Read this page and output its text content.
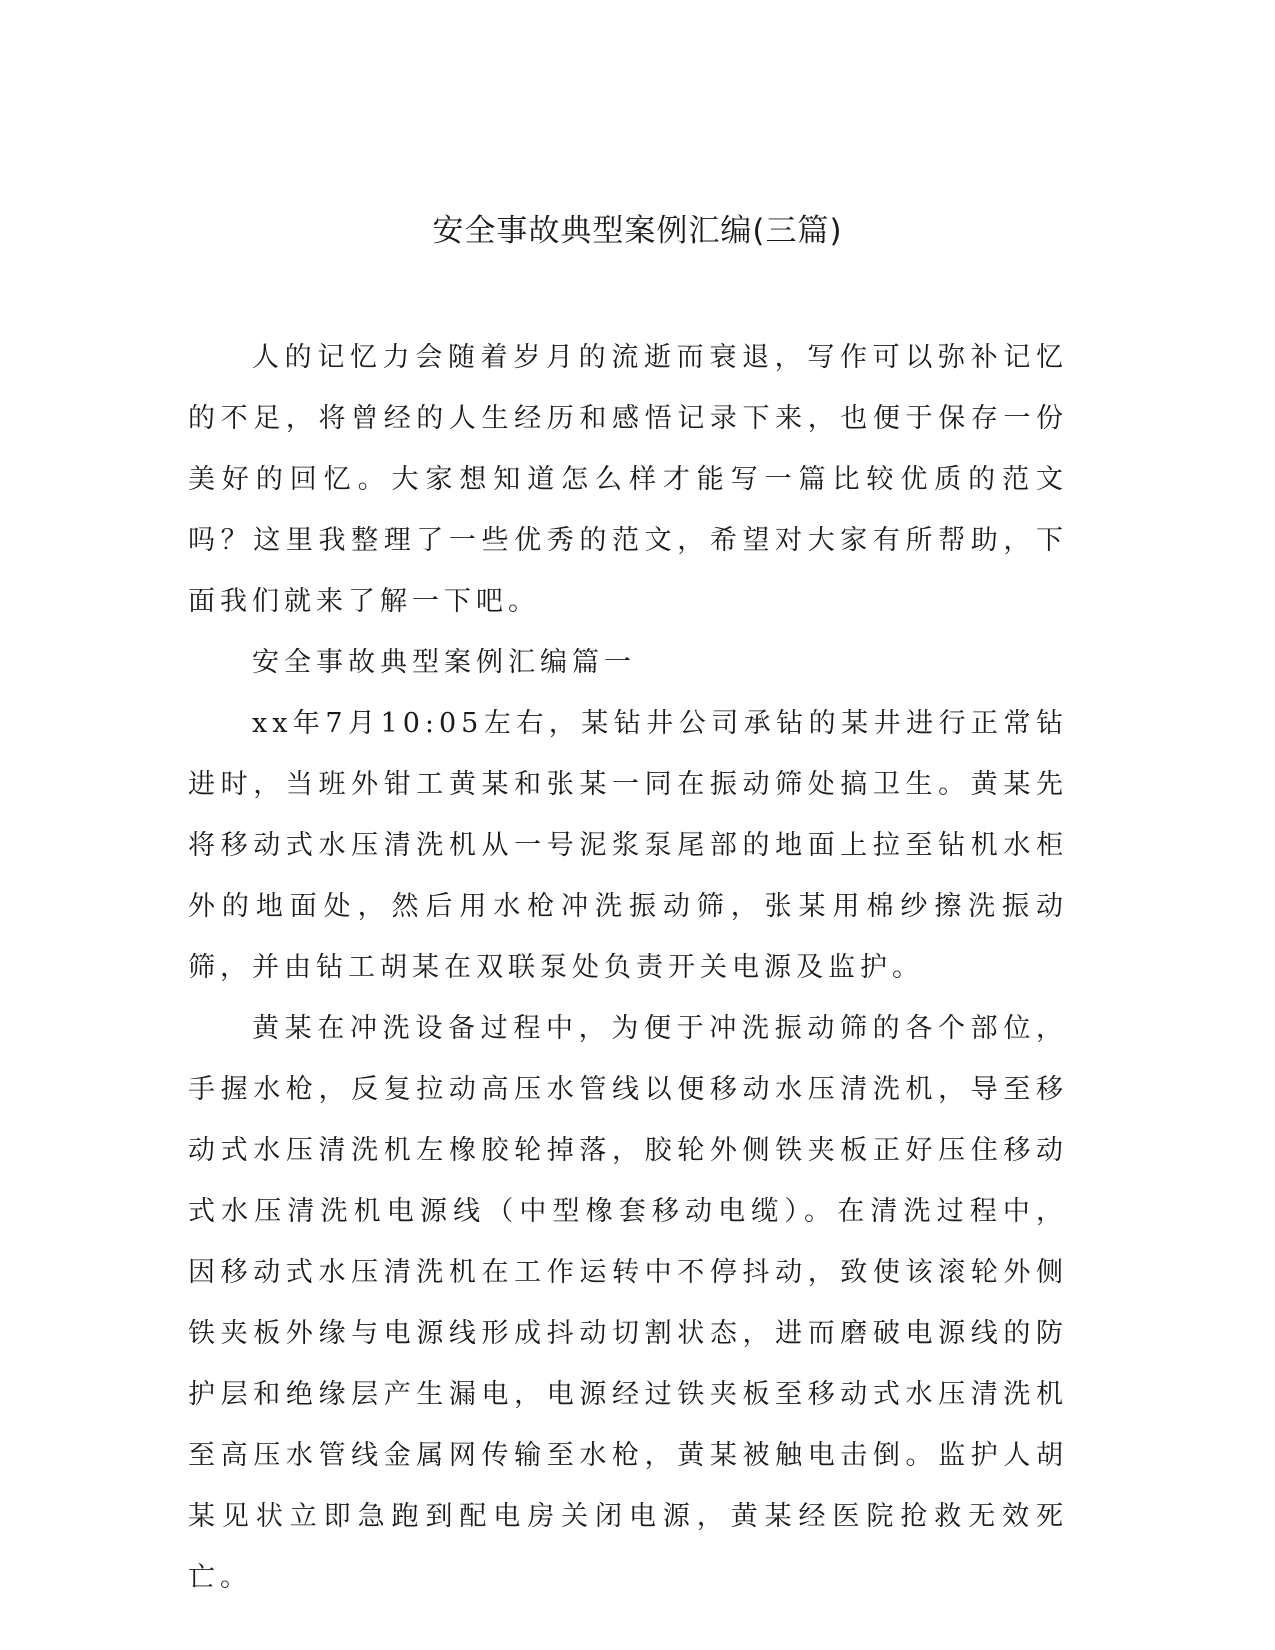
安全事故典型案例汇编(三篇)

人的记忆力会随着岁月的流逝而衰退，写作可以弥补记忆的不足，将曾经的人生经历和感悟记录下来，也便于保存一份美好的回忆。大家想知道怎么样才能写一篇比较优质的范文吗？这里我整理了一些优秀的范文，希望对大家有所帮助，下面我们就来了解一下吧。

安全事故典型案例汇编篇一

xx年7月10:05左右，某钻井公司承钻的某井进行正常钻进时，当班外钳工黄某和张某一同在振动筛处搞卫生。黄某先将移动式水压清洗机从一号泥浆泵尾部的地面上拉至钻机水柜外的地面处，然后用水枪冲洗振动筛，张某用棉纱擦洗振动筛，并由钻工胡某在双联泵处负责开关电源及监护。

黄某在冲洗设备过程中，为便于冲洗振动筛的各个部位，手握水枪，反复拉动高压水管线以便移动水压清洗机，导至移动式水压清洗机左橡胶轮掉落，胶轮外侧铁夹板正好压住移动式水压清洗机电源线（中型橡套移动电缆）。在清洗过程中，因移动式水压清洗机在工作运转中不停抖动，致使该滚轮外侧铁夹板外缘与电源线形成抖动切割状态，进而磨破电源线的防护层和绝缘层产生漏电，电源经过铁夹板至移动式水压清洗机至高压水管线金属网传输至水枪，黄某被触电击倒。监护人胡某见状立即急跑到配电房关闭电源，黄某经医院抢救无效死亡。
